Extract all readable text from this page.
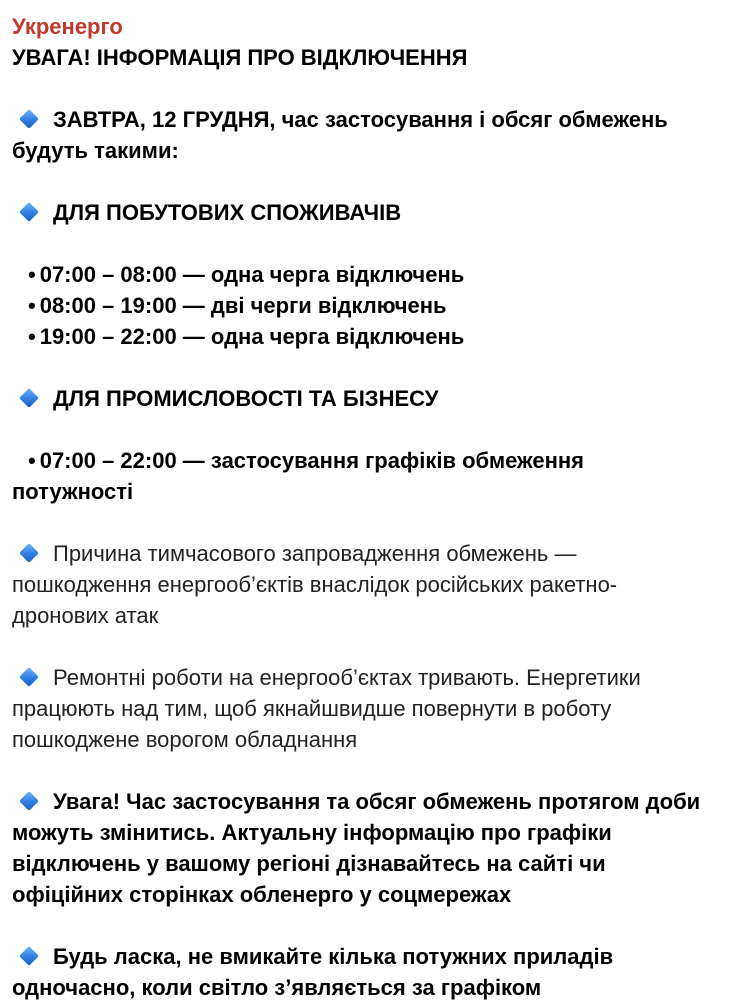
Укренерго
УВАГА! ІНФОРМАЦІЯ ПРО ВІДКЛЮЧЕННЯ
ЗАВТРА, 12 ГРУДНЯ, час застосування і обсяг обмежень
будуть такими:
ДЛЯ ПОБУТОВИХ СПОЖИВАЧІВ
• 07:00 – 08:00 — одна черга відключень
• 08:00 – 19:00 — дві черги відключень
• 19:00 – 22:00 — одна черга відключень
ДЛЯ ПРОМИСЛОВОСТІ ТА БІЗНЕСУ
• 07:00 – 22:00 — застосування графіків обмеження
потужності
Причина тимчасового запровадження обмежень —
пошкодження енергооб’єктів внаслідок російських ракетно-
дронових атак
Ремонтні роботи на енергооб’єктах тривають. Енергетики
працюють над тим, щоб якнайшвидше повернути в роботу
пошкоджене ворогом обладнання
Увага! Час застосування та обсяг обмежень протягом доби
можуть змінитись. Актуальну інформацію про графіки
відключень у вашому регіоні дізнавайтесь на сайті чи
офіційних сторінках обленерго у соцмережах
Будь ласка, не вмикайте кілька потужних приладів
одночасно, коли світло з’являється за графіком
